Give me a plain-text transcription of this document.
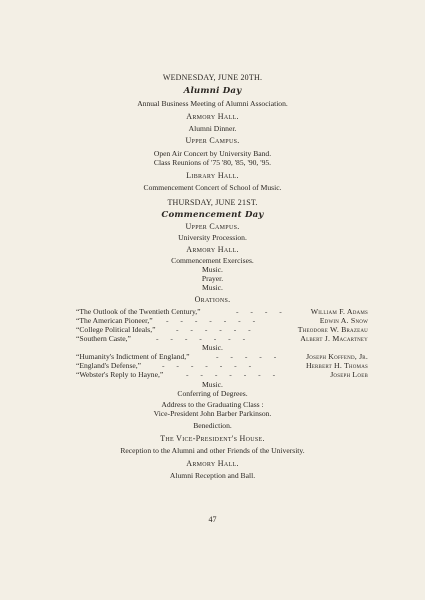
WEDNESDAY, JUNE 20TH.
Alumni Day
Annual Business Meeting of Alumni Association.
Armory Hall.
Alumni Dinner.
Upper Campus.
Open Air Concert by University Band.
Class Reunions of '75 '80, '85, '90, '95.
Library Hall.
Commencement Concert of School of Music.
THURSDAY, JUNE 21ST.
Commencement Day
Upper Campus.
University Procession.
Armory Hall.
Commencement Exercises.
Music.
Prayer.
Music.
Orations.
“The Outlook of the Twentieth Century,”	- - - -	William F. Adams
“The American Pioneer,” - - - - - - -	Edwin A. Snow
“College Political Ideals,”	- - - - - -	Theodore W. Brazeau
“Southern Caste,”	- - - - - - -	Albert J. Macartney
Music.
“Humanity's Indictment of England,”	- - - - -	Joseph Koffend, Jr.
“England's Defense,”	- - - - - - -	Herbert H. Thomas
“Webster's Reply to Hayne,”	- - - - - - -	Joseph Loeb
Music.
Conferring of Degrees.
Address to the Graduating Class :
Vice-President John Barber Parkinson.
Benediction.
The Vice-President's House.
Reception to the Alumni and other Friends of the University.
Armory Hall.
Alumni Reception and Ball.
47
